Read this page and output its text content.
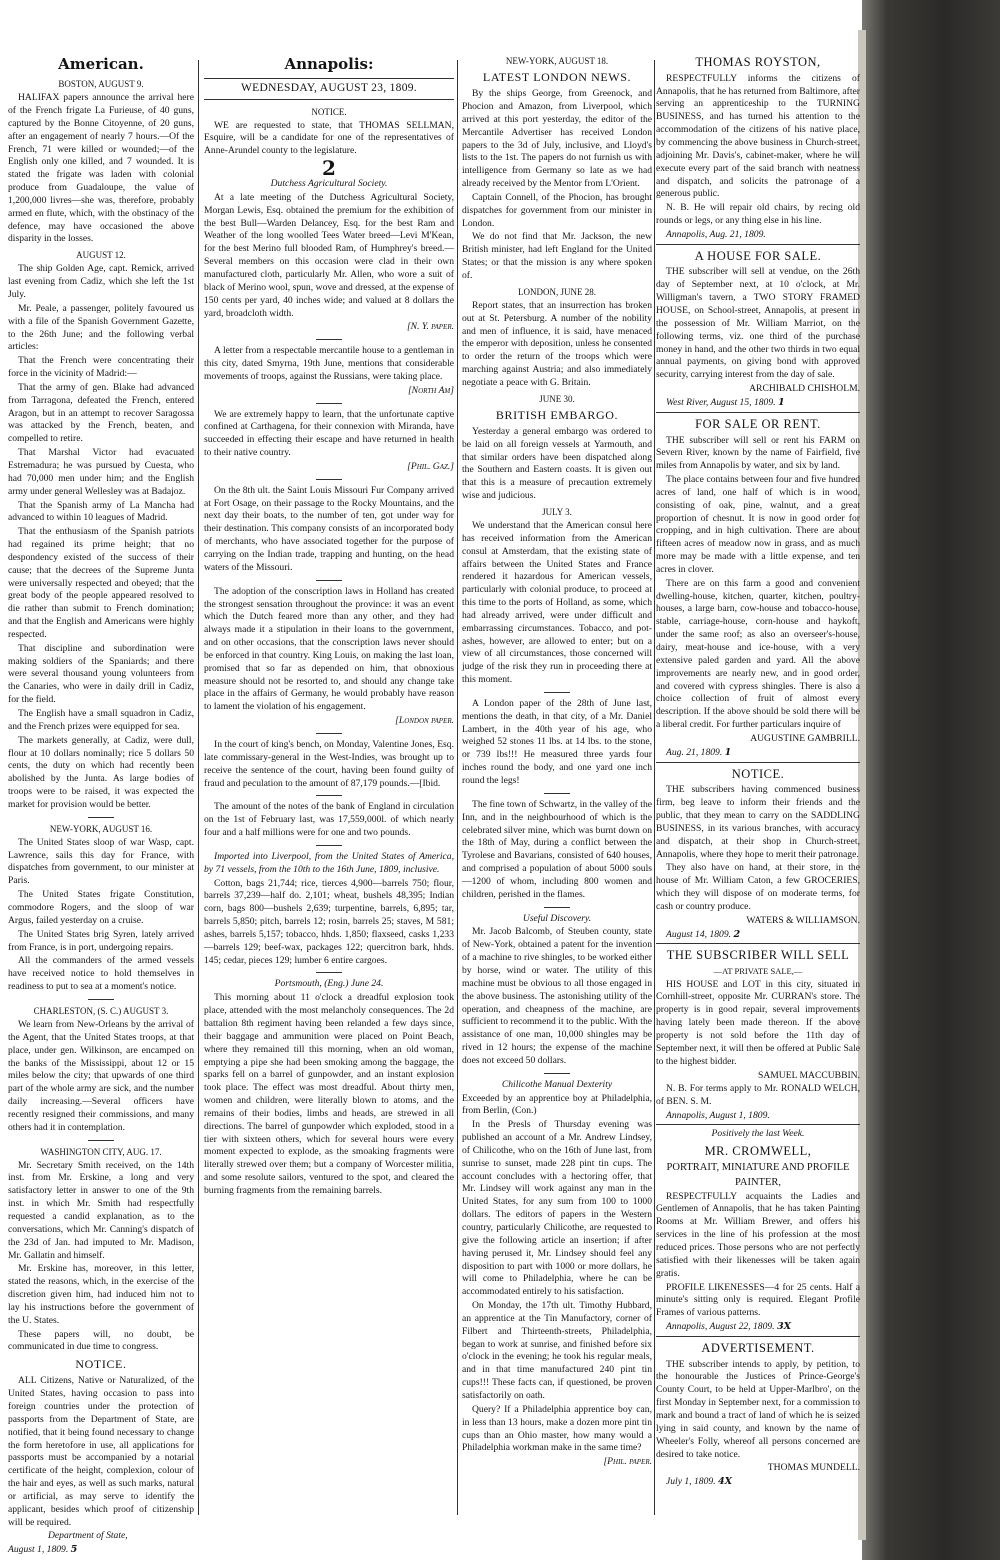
American.

BOSTON, AUGUST 9.

HALIFAX papers announce the arrival here of the French frigate La Furieuse, of 40 guns, captured by the Bonne Citoyenne, of 20 guns, after an engagement of nearly 7 hours.—Of the French, 71 were killed or wounded;—of the English only one killed, and 7 wounded. It is stated the frigate was laden with colonial produce from Guadaloupe, the value of 1,200,000 livres—she was, therefore, probably armed en flute, which, with the obstinacy of the defence, may have occasioned the above disparity in the losses.

AUGUST 12.

The ship Golden Age, capt. Remick, arrived last evening from Cadiz, which she left the 1st July.

Mr. Peale, a passenger, politely favoured us with a file of the Spanish Government Gazette, to the 26th June; and the following verbal articles:

That the French were concentrating their force in the vicinity of Madrid:—

That the army of gen. Blake had advanced from Tarragona, defeated the French, entered Aragon, but in an attempt to recover Saragossa was attacked by the French, beaten, and compelled to retire.

That Marshal Victor had evacuated Estremadura; he was pursued by Cuesta, who had 70,000 men under him; and the English army under general Wellesley was at Badajoz.

That the Spanish army of La Mancha had advanced to within 10 leagues of Madrid.

That the enthusiasm of the Spanish patriots had regained its prime height; that no despondency existed of the success of their cause; that the decrees of the Supreme Junta were universally respected and obeyed; that the great body of the people appeared resolved to die rather than submit to French domination; and that the English and Americans were highly respected.

That discipline and subordination were making soldiers of the Spaniards; and there were several thousand young volunteers from the Canaries, who were in daily drill in Cadiz, for the field.

The English have a small squadron in Cadiz, and the French prizes were equipped for sea.

The markets generally, at Cadiz, were dull, flour at 10 dollars nominally; rice 5 dollars 50 cents, the duty on which had recently been abolished by the Junta. As large bodies of troops were to be raised, it was expected the market for provision would be better.

NEW-YORK, AUGUST 16.

The United States sloop of war Wasp, capt. Lawrence, sails this day for France, with dispatches from government, to our minister at Paris.

The United States frigate Constitution, commodore Rogers, and the sloop of war Argus, failed yesterday on a cruise.

The United States brig Syren, lately arrived from France, is in port, undergoing repairs.

All the commanders of the armed vessels have received notice to hold themselves in readiness to put to sea at a moment's notice.

CHARLESTON, (S. C.) AUGUST 3.

We learn from New-Orleans by the arrival of the Agent, that the United States troops, at that place, under gen. Wilkinson, are encamped on the banks of the Mississippi, about 12 or 15 miles below the city; that upwards of one third part of the whole army are sick, and the number daily increasing.—Several officers have recently resigned their commissions, and many others had it in contemplation.

WASHINGTON CITY, AUG. 17.

Mr. Secretary Smith received, on the 14th inst. from Mr. Erskine, a long and very satisfactory letter in answer to one of the 9th inst. in which Mr. Smith had respectfully requested a candid explanation, as to the conversations, which Mr. Canning's dispatch of the 23d of Jan. had imputed to Mr. Madison, Mr. Gallatin and himself.

Mr. Erskine has, moreover, in this letter, stated the reasons, which, in the exercise of the discretion given him, had induced him not to lay his instructions before the government of the U. States.

These papers will, no doubt, be communicated in due time to congress.

NOTICE.

ALL Citizens, Native or Naturalized, of the United States, having occasion to pass into foreign countries under the protection of passports from the Department of State, are notified, that it being found necessary to change the form heretofore in use, all applications for passports must be accompanied by a notarial certificate of the height, complexion, colour of the hair and eyes, as well as such marks, natural or artificial, as may serve to identify the applicant, besides which proof of citizenship will be required.

Department of State,

August 1, 1809. 5

Annapolis:

WEDNESDAY, AUGUST 23, 1809.

NOTICE.

WE are requested to state, that THOMAS SELLMAN, Esquire, will be a candidate for one of the representatives of Anne-Arundel county to the legislature.

2

Dutchess Agricultural Society.

At a late meeting of the Dutchess Agricultural Society, Morgan Lewis, Esq. obtained the premium for the exhibition of the best Bull—Warden Delancey, Esq. for the best Ram and Weather of the long woolled Tees Water breed—Levi M'Kean, for the best Merino full blooded Ram, of Humphrey's breed.—Several members on this occasion were clad in their own manufactured cloth, particularly Mr. Allen, who wore a suit of black of Merino wool, spun, wove and dressed, at the expense of 150 cents per yard, 40 inches wide; and valued at 8 dollars the yard, broadcloth width.

[N. Y. paper.

A letter from a respectable mercantile house to a gentleman in this city, dated Smyrna, 19th June, mentions that considerable movements of troops, against the Russians, were taking place.

[North Am]

We are extremely happy to learn, that the unfortunate captive confined at Carthagena, for their connexion with Miranda, have succeeded in effecting their escape and have returned in health to their native country.

[Phil. Gaz.]

On the 8th ult. the Saint Louis Missouri Fur Company arrived at Fort Osage, on their passage to the Rocky Mountains, and the next day their boats, to the number of ten, got under way for their destination. This company consists of an incorporated body of merchants, who have associated together for the purpose of carrying on the Indian trade, trapping and hunting, on the head waters of the Missouri.

The adoption of the conscription laws in Holland has created the strongest sensation throughout the province: it was an event which the Dutch feared more than any other, and they had always made it a stipulation in their loans to the government, and on other occasions, that the conscription laws never should be enforced in that country. King Louis, on making the last loan, promised that so far as depended on him, that obnoxious measure should not be resorted to, and should any change take place in the affairs of Germany, he would probably have reason to lament the violation of his engagement.

[London paper.

In the court of king's bench, on Monday, Valentine Jones, Esq. late commissary-general in the West-Indies, was brought up to receive the sentence of the court, having been found guilty of fraud and peculation to the amount of 87,179 pounds.—[Ibid.

The amount of the notes of the bank of England in circulation on the 1st of February last, was 17,559,000l. of which nearly four and a half millions were for one and two pounds.

Imported into Liverpool, from the United States of America, by 71 vessels, from the 10th to the 16th June, 1809, inclusive.

Cotton, bags 21,744; rice, tierces 4,900—barrels 750; flour, barrels 37,239—half do. 2,101; wheat, bushels 48,395; Indian corn, bags 800—bushels 2,639; turpentine, barrels, 6,895; tar, barrels 5,850; pitch, barrels 12; rosin, barrels 25; staves, M 581; ashes, barrels 5,157; tobacco, hhds. 1,850; flaxseed, casks 1,233—barrels 129; beef-wax, packages 122; quercitron bark, hhds. 145; cedar, pieces 129; lumber 6 entire cargoes.

Portsmouth, (Eng.) June 24.

This morning about 11 o'clock a dreadful explosion took place, attended with the most melancholy consequences. The 2d battalion 8th regiment having been relanded a few days since, their baggage and ammunition were placed on Point Beach, where they remained till this morning, when an old woman, emptying a pipe she had been smoking among the baggage, the sparks fell on a barrel of gunpowder, and an instant explosion took place. The effect was most dreadful. About thirty men, women and children, were literally blown to atoms, and the remains of their bodies, limbs and heads, are strewed in all directions. The barrel of gunpowder which exploded, stood in a tier with sixteen others, which for several hours were every moment expected to explode, as the smoaking fragments were literally strewed over them; but a company of Worcester militia, and some resolute sailors, ventured to the spot, and cleared the burning fragments from the remaining barrels.

NEW-YORK, AUGUST 18.

LATEST LONDON NEWS.

By the ships George, from Greenock, and Phocion and Amazon, from Liverpool, which arrived at this port yesterday, the editor of the Mercantile Advertiser has received London papers to the 3d of July, inclusive, and Lloyd's lists to the 1st. The papers do not furnish us with intelligence from Germany so late as we had already received by the Mentor from L'Orient.

Captain Connell, of the Phocion, has brought dispatches for government from our minister in London.

We do not find that Mr. Jackson, the new British minister, had left England for the United States; or that the mission is any where spoken of.

LONDON, JUNE 28.

Report states, that an insurrection has broken out at St. Petersburg. A number of the nobility and men of influence, it is said, have menaced the emperor with deposition, unless he consented to order the return of the troops which were marching against Austria; and also immediately negotiate a peace with G. Britain.

JUNE 30.

BRITISH EMBARGO.

Yesterday a general embargo was ordered to be laid on all foreign vessels at Yarmouth, and that similar orders have been dispatched along the Southern and Eastern coasts. It is given out that this is a measure of precaution extremely wise and judicious.

JULY 3.

We understand that the American consul here has received information from the American consul at Amsterdam, that the existing state of affairs between the United States and France rendered it hazardous for American vessels, particularly with colonial produce, to proceed at this time to the ports of Holland, as some, which had already arrived, were under difficult and embarrassing circumstances. Tobacco, and pot-ashes, however, are allowed to enter; but on a view of all circumstances, those concerned will judge of the risk they run in proceeding there at this moment.

A London paper of the 28th of June last, mentions the death, in that city, of a Mr. Daniel Lambert, in the 40th year of his age, who weighed 52 stones 11 lbs. at 14 lbs. to the stone, or 739 lbs!!! He measured three yards four inches round the body, and one yard one inch round the legs!

The fine town of Schwartz, in the valley of the Inn, and in the neighbourhood of which is the celebrated silver mine, which was burnt down on the 18th of May, during a conflict between the Tyrolese and Bavarians, consisted of 640 houses, and comprised a population of about 5000 souls—1200 of whom, including 800 women and children, perished in the flames.

Useful Discovery.

Mr. Jacob Balcomb, of Steuben county, state of New-York, obtained a patent for the invention of a machine to rive shingles, to be worked either by horse, wind or water. The utility of this machine must be obvious to all those engaged in the above business. The astonishing utility of the operation, and cheapness of the machine, are sufficient to recommend it to the public. With the assistance of one man, 10,000 shingles may be rived in 12 hours; the expense of the machine does not exceed 50 dollars.

Chilicothe Manual Dexterity

Exceeded by an apprentice boy at Philadelphia, from Berlin, (Con.)

In the Presls of Thursday evening was published an account of a Mr. Andrew Lindsey, of Chilicothe, who on the 16th of June last, from sunrise to sunset, made 228 pint tin cups. The account concludes with a hectoring offer, that Mr. Lindsey will work against any man in the United States, for any sum from 100 to 1000 dollars. The editors of papers in the Western country, particularly Chilicothe, are requested to give the following article an insertion; if after having perused it, Mr. Lindsey should feel any disposition to part with 1000 or more dollars, he will come to Philadelphia, where he can be accommodated entirely to his satisfaction.

On Monday, the 17th ult. Timothy Hubbard, an apprentice at the Tin Manufactory, corner of Filbert and Thirteenth-streets, Philadelphia, began to work at sunrise, and finished before six o'clock in the evening; he took his regular meals, and in that time manufactured 240 pint tin cups!!! These facts can, if questioned, be proven satisfactorily on oath.

Query? If a Philadelphia apprentice boy can, in less than 13 hours, make a dozen more pint tin cups than an Ohio master, how many would a Philadelphia workman make in the same time?

[Phil. paper.

THOMAS ROYSTON,

RESPECTFULLY informs the citizens of Annapolis, that he has returned from Baltimore, after serving an apprenticeship to the TURNING BUSINESS, and has turned his attention to the accommodation of the citizens of his native place, by commencing the above business in Church-street, adjoining Mr. Davis's, cabinet-maker, where he will execute every part of the said branch with neatness and dispatch, and solicits the patronage of a generous public.

N. B. He will repair old chairs, by recing old rounds or legs, or any thing else in his line.

Annapolis, Aug. 21, 1809.

A HOUSE FOR SALE.

THE subscriber will sell at vendue, on the 26th day of September next, at 10 o'clock, at Mr. Willigman's tavern, a TWO STORY FRAMED HOUSE, on School-street, Annapolis, at present in the possession of Mr. William Marriot, on the following terms, viz. one third of the purchase money in hand, and the other two thirds in two equal annual payments, on giving bond with approved security, carrying interest from the day of sale.

ARCHIBALD CHISHOLM.

West River, August 15, 1809. 1

FOR SALE OR RENT.

THE subscriber will sell or rent his FARM on Severn River, known by the name of Fairfield, five miles from Annapolis by water, and six by land.

The place contains between four and five hundred acres of land, one half of which is in wood, consisting of oak, pine, walnut, and a great proportion of chesnut. It is now in good order for cropping, and in high cultivation. There are about fifteen acres of meadow now in grass, and as much more may be made with a little expense, and ten acres in clover.

There are on this farm a good and convenient dwelling-house, kitchen, quarter, kitchen, poultry-houses, a large barn, cow-house and tobacco-house, stable, carriage-house, corn-house and haykoft, under the same roof; as also an overseer's-house, dairy, meat-house and ice-house, with a very extensive paled garden and yard. All the above improvements are nearly new, and in good order, and covered with cypress shingles. There is also a choice collection of fruit of almost every description. If the above should be sold there will be a liberal credit. For further particulars inquire of

AUGUSTINE GAMBRILL.

Aug. 21, 1809. 1

NOTICE.

THE subscribers having commenced business firm, beg leave to inform their friends and the public, that they mean to carry on the SADDLING BUSINESS, in its various branches, with accuracy and dispatch, at their shop in Church-street, Annapolis, where they hope to merit their patronage.

They also have on hand, at their store, in the house of Mr. William Caton, a few GROCERIES, which they will dispose of on moderate terms, for cash or country produce.

WATERS & WILLIAMSON.

August 14, 1809. 2

THE SUBSCRIBER WILL SELL

—AT PRIVATE SALE,—

HIS HOUSE and LOT in this city, situated in Cornhill-street, opposite Mr. CURRAN's store. The property is in good repair, several improvements having lately been made thereon. If the above property is not sold before the 11th day of September next, it will then be offered at Public Sale to the highest bidder.

SAMUEL MACCUBBIN.

N. B. For terms apply to Mr. RONALD WELCH, of BEN. S. M.

Annapolis, August 1, 1809.

Positively the last Week.

MR. CROMWELL,

PORTRAIT, MINIATURE AND PROFILE PAINTER,

RESPECTFULLY acquaints the Ladies and Gentlemen of Annapolis, that he has taken Painting Rooms at Mr. William Brewer, and offers his services in the line of his profession at the most reduced prices. Those persons who are not perfectly satisfied with their likenesses will be taken again gratis.

PROFILE LIKENESSES—4 for 25 cents. Half a minute's sitting only is required. Elegant Profile Frames of various patterns.

Annapolis, August 22, 1809. 3X

ADVERTISEMENT.

THE subscriber intends to apply, by petition, to the honourable the Justices of Prince-George's County Court, to be held at Upper-Marlbro', on the first Monday in September next, for a commission to mark and bound a tract of land of which he is seized lying in said county, and known by the name of Wheeler's Folly, whereof all persons concerned are desired to take notice.

THOMAS MUNDELL.

July 1, 1809. 4X
